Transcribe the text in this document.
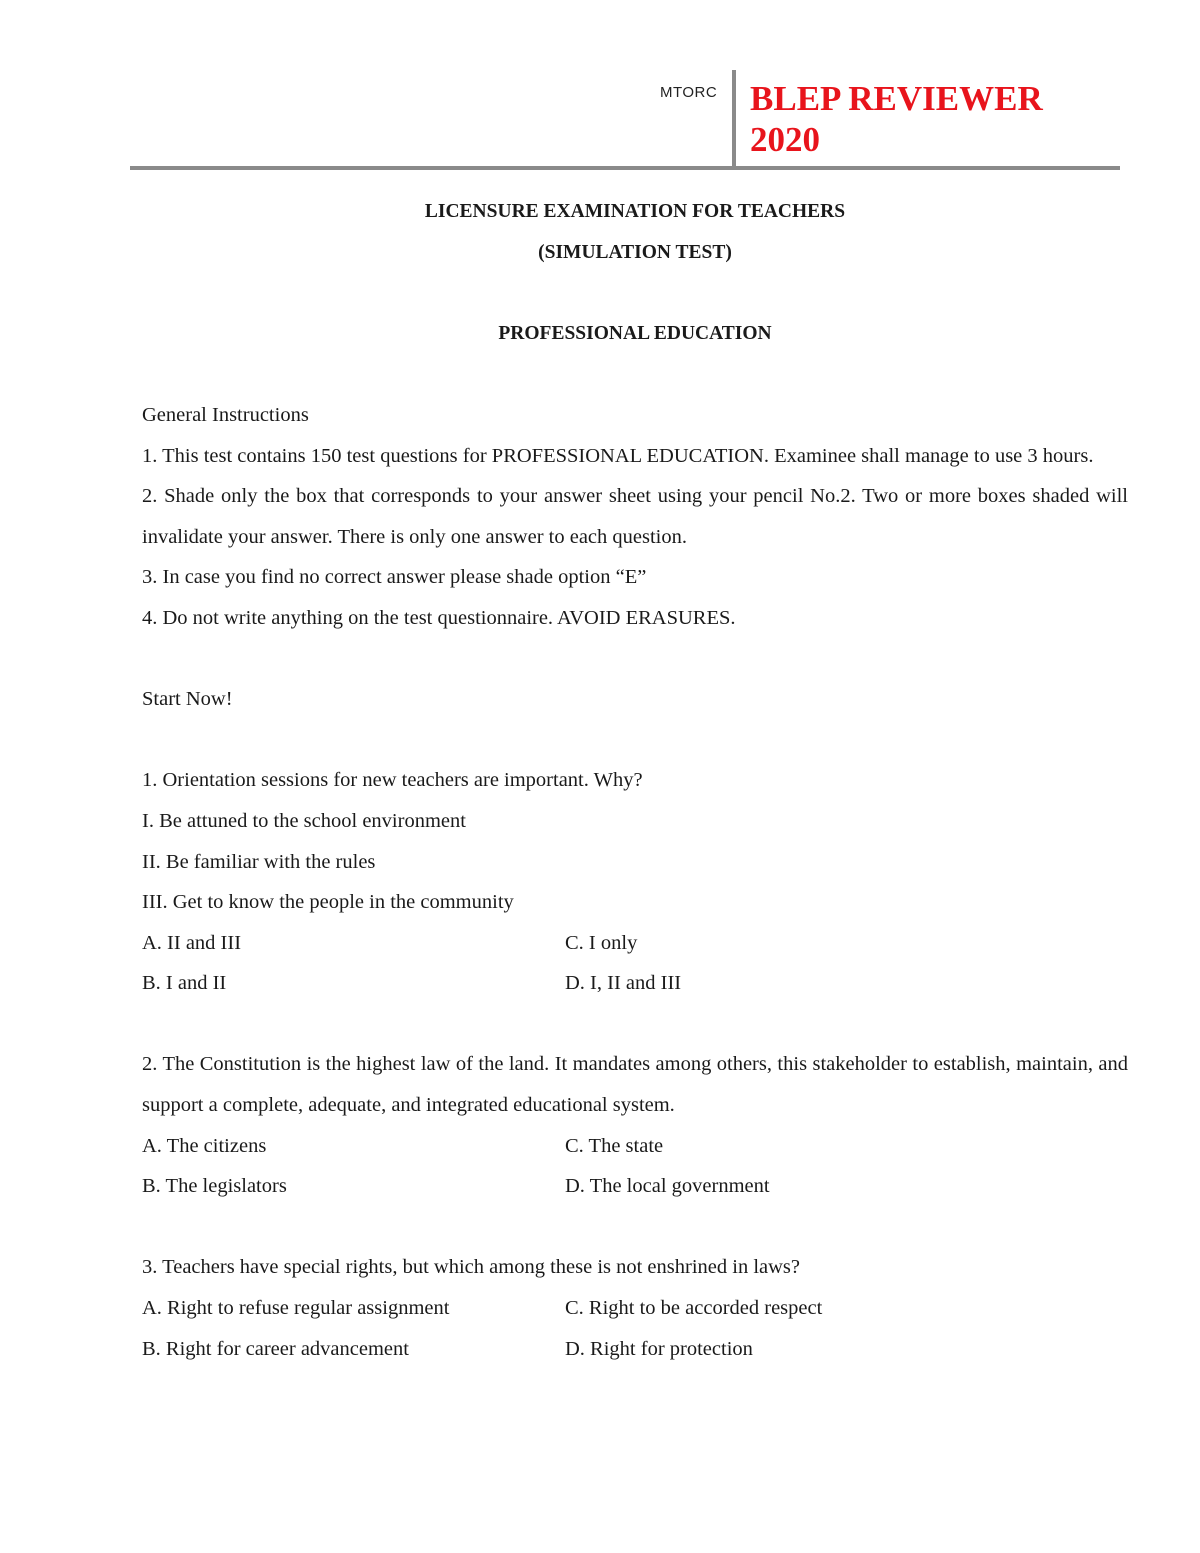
MTORC BLEP REVIEWER
2020

LICENSURE EXAMINATION FOR TEACHERS

(SIMULATION TEST)

PROFESSIONAL EDUCATION

General Instructions

1. This test contains 150 test questions for PROFESSIONAL EDUCATION. Examinee shall manage to use 3 hours.

2. Shade only the box that corresponds to your answer sheet using your pencil No.2. Two or more boxes shaded will invalidate your answer. There is only one answer to each question.

3. In case you find no correct answer please shade option “E”

4. Do not write anything on the test questionnaire. AVOID ERASURES.

Start Now!

1. Orientation sessions for new teachers are important. Why?

I. Be attuned to the school environment

II. Be familiar with the rules

III. Get to know the people in the community

A. II and III	C. I only
B. I and II	D. I, II and III

2. The Constitution is the highest law of the land. It mandates among others, this stakeholder to establish, maintain, and support a complete, adequate, and integrated educational system.

A. The citizens	C. The state
B. The legislators	D. The local government

3. Teachers have special rights, but which among these is not enshrined in laws?

A. Right to refuse regular assignment	C. Right to be accorded respect
B. Right for career advancement	D. Right for protection
